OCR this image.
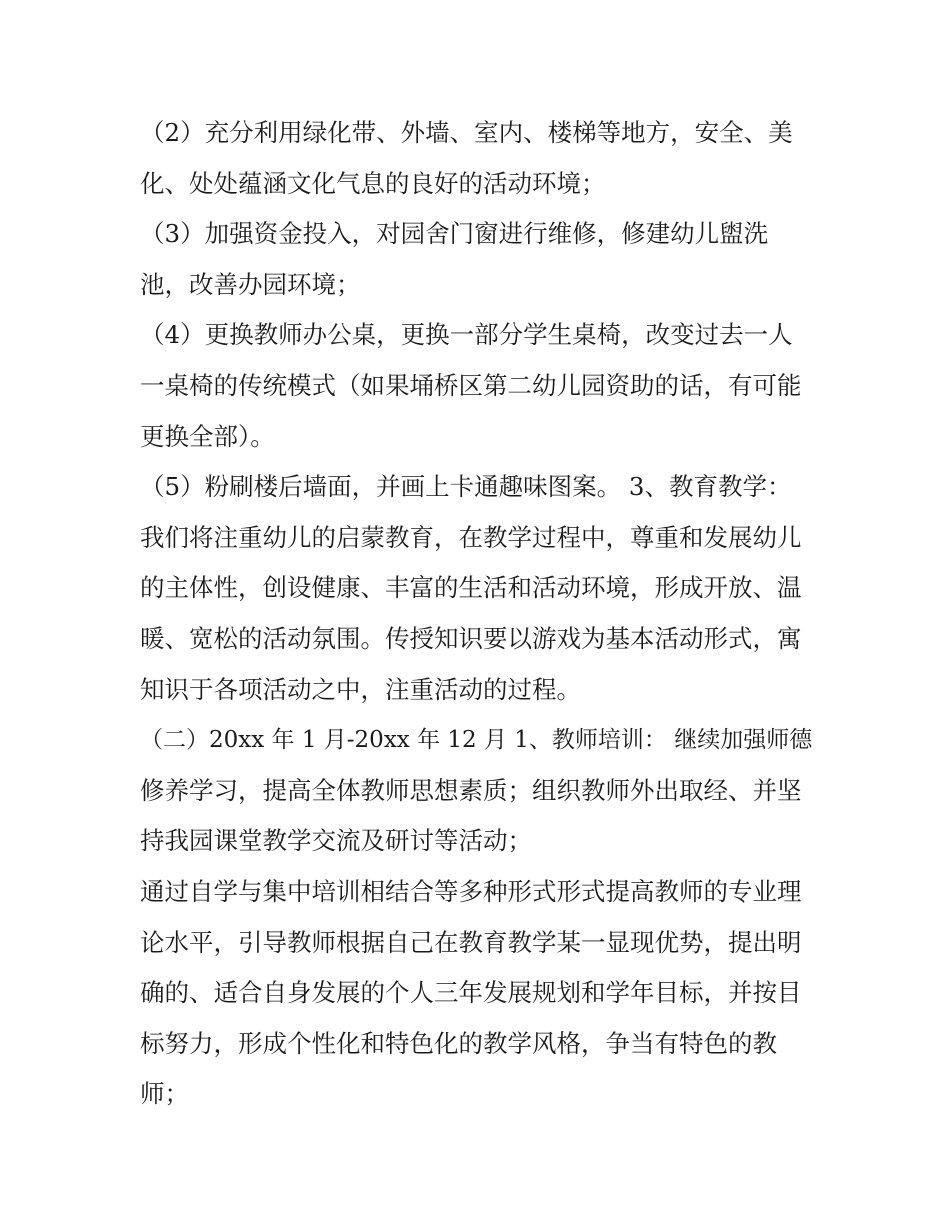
（2）充分利用绿化带、外墙、室内、楼梯等地方，安全、美
化、处处蕴涵文化气息的良好的活动环境；
（3）加强资金投入，对园舍门窗进行维修，修建幼儿盥洗
池，改善办园环境；
（4）更换教师办公桌，更换一部分学生桌椅，改变过去一人
一桌椅的传统模式（如果埇桥区第二幼儿园资助的话，有可能
更换全部）。
（5）粉刷楼后墙面，并画上卡通趣味图案。 3、教育教学：
我们将注重幼儿的启蒙教育，在教学过程中，尊重和发展幼儿
的主体性，创设健康、丰富的生活和活动环境，形成开放、温
暖、宽松的活动氛围。传授知识要以游戏为基本活动形式，寓
知识于各项活动之中，注重活动的过程。
（二）20xx 年 1 月-20xx 年 12 月 1、教师培训： 继续加强师德
修养学习，提高全体教师思想素质；组织教师外出取经、并坚
持我园课堂教学交流及研讨等活动；
通过自学与集中培训相结合等多种形式形式提高教师的专业理
论水平，引导教师根据自己在教育教学某一显现优势，提出明
确的、适合自身发展的个人三年发展规划和学年目标，并按目
标努力，形成个性化和特色化的教学风格，争当有特色的教
师；
